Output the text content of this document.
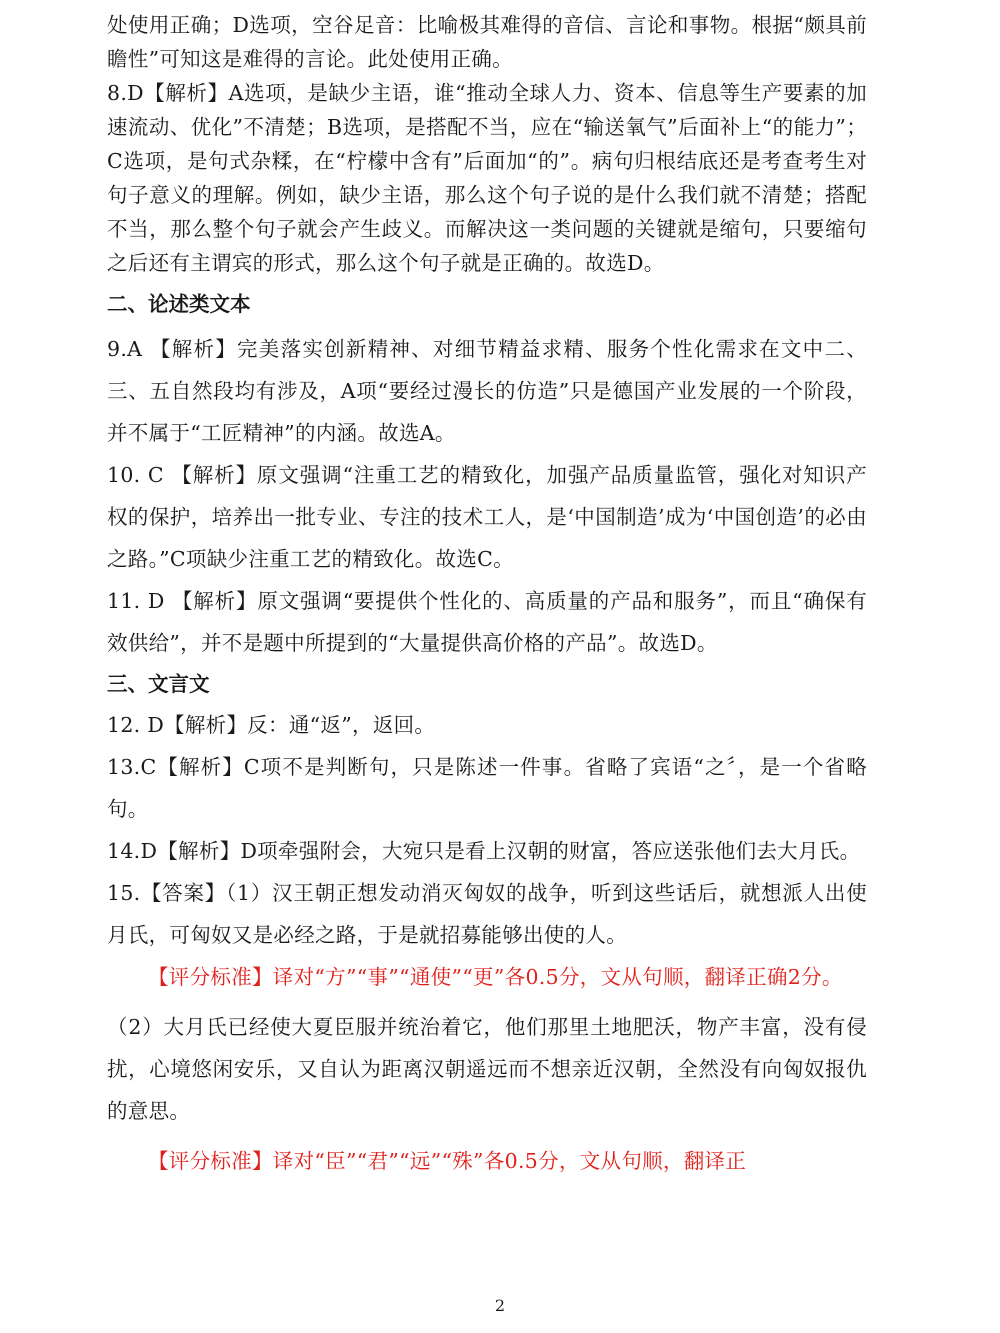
处使用正确；D选项，空谷足音：比喻极其难得的音信、言论和事物。根据“颇具前瞻性”可知这是难得的言论。此处使用正确。

8.D【解析】A选项，是缺少主语，谁“推动全球人力、资本、信息等生产要素的加速流动、优化”不清楚；B选项，是搭配不当，应在“输送氧气”后面补上“的能力”；C选项，是句式杂糅，在“柠檬中含有”后面加“的”。病句归根结底还是考查考生对句子意义的理解。例如，缺少主语，那么这个句子说的是什么我们就不清楚；搭配不当，那么整个句子就会产生歧义。而解决这一类问题的关键就是缩句，只要缩句之后还有主谓宾的形式，那么这个句子就是正确的。故选D。

二、论述类文本

9.A 【解析】完美落实创新精神、对细节精益求精、服务个性化需求在文中二、三、五自然段均有涉及，A项“要经过漫长的仿造”只是德国产业发展的一个阶段，并不属于“工匠精神”的内涵。故选A。

10. C 【解析】原文强调“注重工艺的精致化，加强产品质量监管，强化对知识产权的保护，培养出一批专业、专注的技术工人，是‘中国制造’成为‘中国创造’的必由之路。”C项缺少注重工艺的精致化。故选C。

11. D 【解析】原文强调“要提供个性化的、高质量的产品和服务”，而且“确保有效供给”，并不是题中所提到的“大量提供高价格的产品”。故选D。

三、文言文

12. D【解析】反：通“返”，返回。

13.C【解析】C项不是判断句，只是陈述一件事。省略了宾语“之〞，是一个省略句。

14.D【解析】D项牵强附会，大宛只是看上汉朝的财富，答应送张他们去大月氏。

15.【答案】（1）汉王朝正想发动消灭匈奴的战争，听到这些话后，就想派人出使月氏，可匈奴又是必经之路，于是就招募能够出使的人。

【评分标准】译对“方”“事”“通使”“更”各0.5分，文从句顺，翻译正确2分。

（2）大月氏已经使大夏臣服并统治着它，他们那里土地肥沃，物产丰富，没有侵扰，心境悠闲安乐，又自认为距离汉朝遥远而不想亲近汉朝，全然没有向匈奴报仇的意思。

【评分标准】译对“臣”“君”“远”“殊”各0.5分，文从句顺，翻译正

2
